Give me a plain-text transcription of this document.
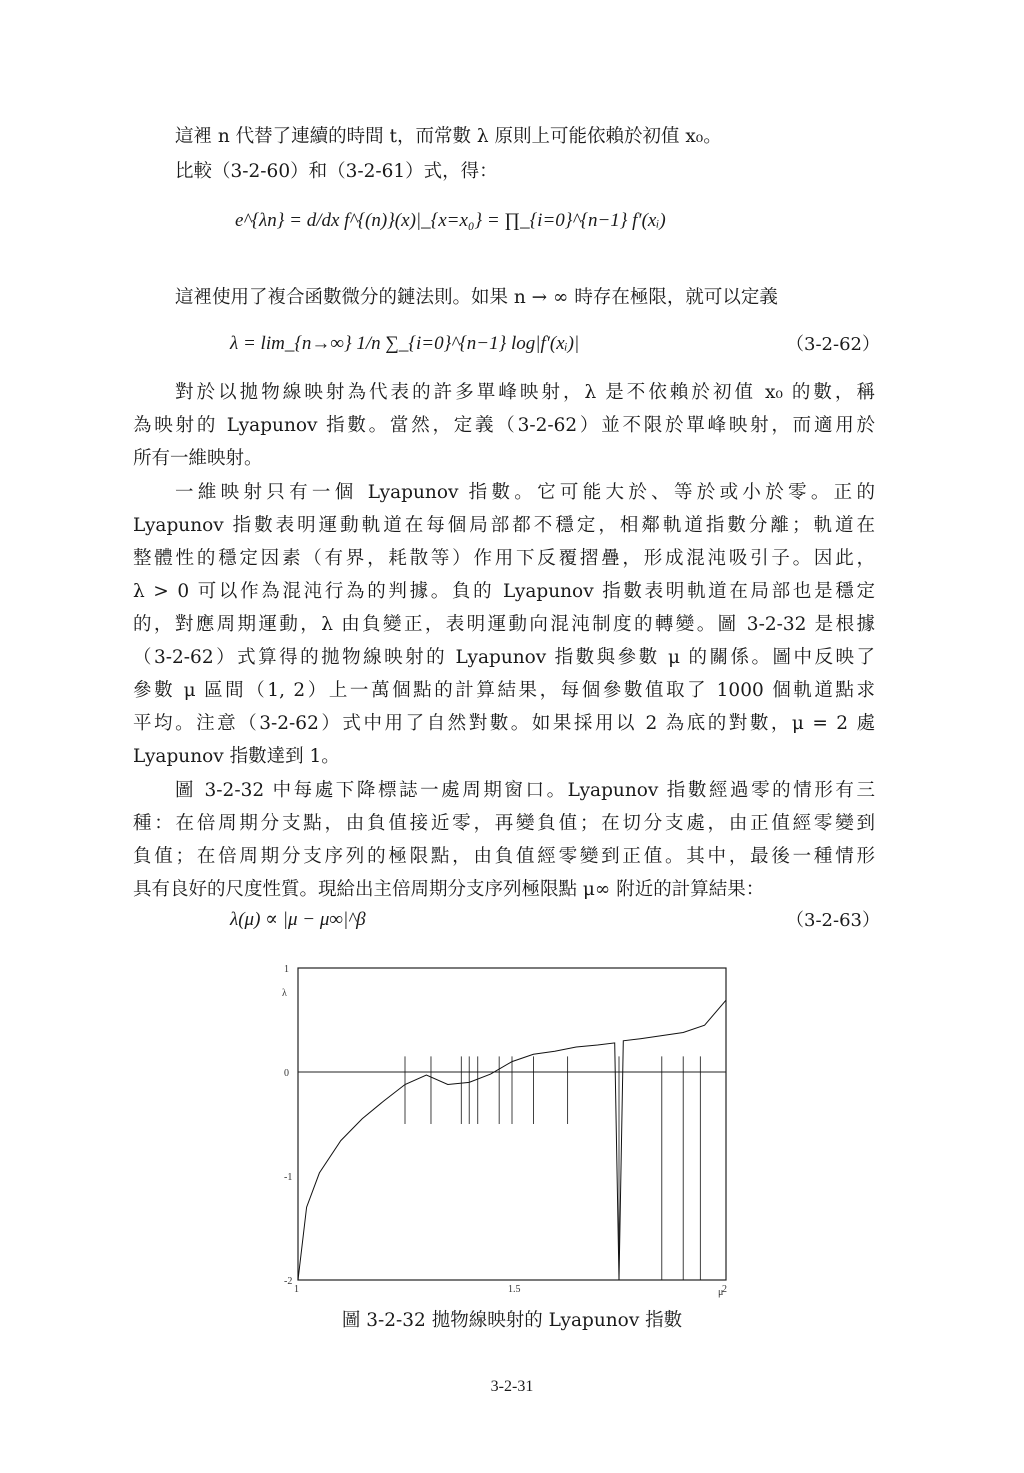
這裡 n 代替了連續的時間 t，而常數 λ 原則上可能依賴於初值 x₀。
比較（3-2-60）和（3-2-61）式，得：
e^{λn} = d/dx f^{(n)}(x)|_{x=x₀} = ∏_{i=0}^{n−1} f′(xᵢ)
這裡使用了複合函數微分的鏈法則。如果 n → ∞ 時存在極限，就可以定義
λ = lim_{n→∞} 1/n ∑_{i=0}^{n−1} log|f′(xᵢ)|	（3-2-62）
對於以拋物線映射為代表的許多單峰映射，λ 是不依賴於初值 x₀ 的數，稱
為映射的 Lyapunov 指數。當然，定義（3-2-62）並不限於單峰映射，而適用於
所有一維映射。
一維映射只有一個 Lyapunov 指數。它可能大於、等於或小於零。正的
Lyapunov 指數表明運動軌道在每個局部都不穩定，相鄰軌道指數分離；軌道在
整體性的穩定因素（有界，耗散等）作用下反覆摺疊，形成混沌吸引子。因此，
λ > 0 可以作為混沌行為的判據。負的 Lyapunov 指數表明軌道在局部也是穩定
的，對應周期運動，λ 由負變正，表明運動向混沌制度的轉變。圖 3-2-32 是根據
（3-2-62）式算得的拋物線映射的 Lyapunov 指數與參數 μ 的關係。圖中反映了
參數 μ 區間（1, 2）上一萬個點的計算結果，每個參數值取了 1000 個軌道點求
平均。注意（3-2-62）式中用了自然對數。如果採用以 2 為底的對數，μ = 2 處
Lyapunov 指數達到 1。
圖 3-2-32 中每處下降標誌一處周期窗口。Lyapunov 指數經過零的情形有三
種：在倍周期分支點，由負值接近零，再變負值；在切分支處，由正值經零變到
負值；在倍周期分支序列的極限點，由負值經零變到正值。其中，最後一種情形
具有良好的尺度性質。現給出主倍周期分支序列極限點 μ∞ 附近的計算結果：
λ(μ) ∝ |μ − μ∞|^β	（3-2-63）
1
0
-1
-2
1	1.5	2
λ
μ
圖 3-2-32 拋物線映射的 Lyapunov 指數
3-2-31
